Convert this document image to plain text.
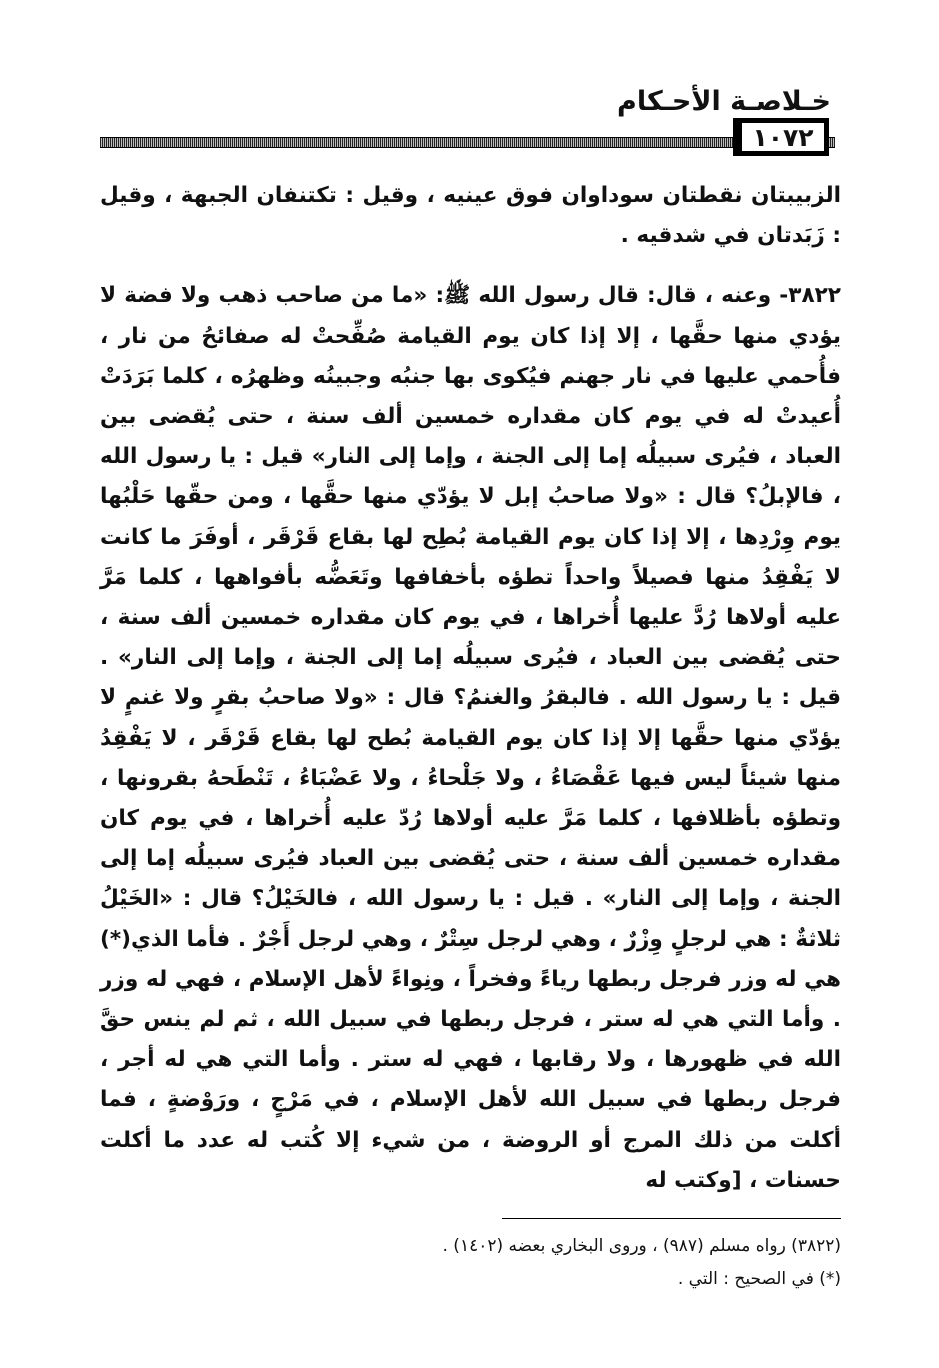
خـلاصـة الأحـكام
١٠٧٢

الزبيبتان نقطتان سوداوان فوق عينيه ، وقيل : تكتنفان الجبهة ، وقيل : زَبَدتان في شدقيه .

٣٨٢٢- وعنه ، قال: قال رسول الله ﷺ: «ما من صاحب ذهب ولا فضة لا يؤدي منها حقَّها ، إلا إذا كان يوم القيامة صُفِّحتْ له صفائحُ من نار ، فأُحمي عليها في نار جهنم فيُكوى بها جنبُه وجبينُه وظهرُه ، كلما بَرَدَتْ أُعيدتْ له في يوم كان مقداره خمسين ألف سنة ، حتى يُقضى بين العباد ، فيُرى سبيلُه إما إلى الجنة ، وإما إلى النار» قيل : يا رسول الله ، فالإبلُ؟ قال : «ولا صاحبُ إبل لا يؤدّي منها حقَّها ، ومن حقّها حَلْبُها يوم وِرْدِها ، إلا إذا كان يوم القيامة بُطِح لها بقاع قَرْقَر ، أوفَرَ ما كانت لا يَفْقِدُ منها فصيلاً واحداً تطؤه بأخفافها وتَعَضُّه بأفواهها ، كلما مَرَّ عليه أولاها رُدَّ عليها أُخراها ، في يوم كان مقداره خمسين ألف سنة ، حتى يُقضى بين العباد ، فيُرى سبيلُه إما إلى الجنة ، وإما إلى النار» . قيل : يا رسول الله . فالبقرُ والغنمُ؟ قال : «ولا صاحبُ بقرٍ ولا غنمٍ لا يؤدّي منها حقَّها إلا إذا كان يوم القيامة بُطح لها بقاع قَرْقَر ، لا يَفْقِدُ منها شيئاً ليس فيها عَقْصَاءُ ، ولا جَلْحاءُ ، ولا عَضْبَاءُ ، تَنْطَحهُ بقرونها ، وتطؤه بأظلافها ، كلما مَرَّ عليه أولاها رُدّ عليه أُخراها ، في يوم كان مقداره خمسين ألف سنة ، حتى يُقضى بين العباد فيُرى سبيلُه إما إلى الجنة ، وإما إلى النار» . قيل : يا رسول الله ، فالخَيْلُ؟ قال : «الخَيْلُ ثلاثةٌ : هي لرجلٍ وِزْرٌ ، وهي لرجل سِتْرٌ ، وهي لرجل أَجْرٌ . فأما الذي(*) هي له وزر فرجل ربطها رياءً وفخراً ، ونِواءً لأهل الإسلام ، فهي له وزر . وأما التي هي له ستر ، فرجل ربطها في سبيل الله ، ثم لم ينس حقَّ الله في ظهورها ، ولا رقابها ، فهي له ستر . وأما التي هي له أجر ، فرجل ربطها في سبيل الله لأهل الإسلام ، في مَرْجٍ ، ورَوْضةٍ ، فما أكلت من ذلك المرج أو الروضة ، من شيء إلا كُتب له عدد ما أكلت حسنات ، [وكتب له

(٣٨٢٢) رواه مسلم (٩٨٧) ، وروى البخاري بعضه (١٤٠٢) .
(*) في الصحيح : التي .
